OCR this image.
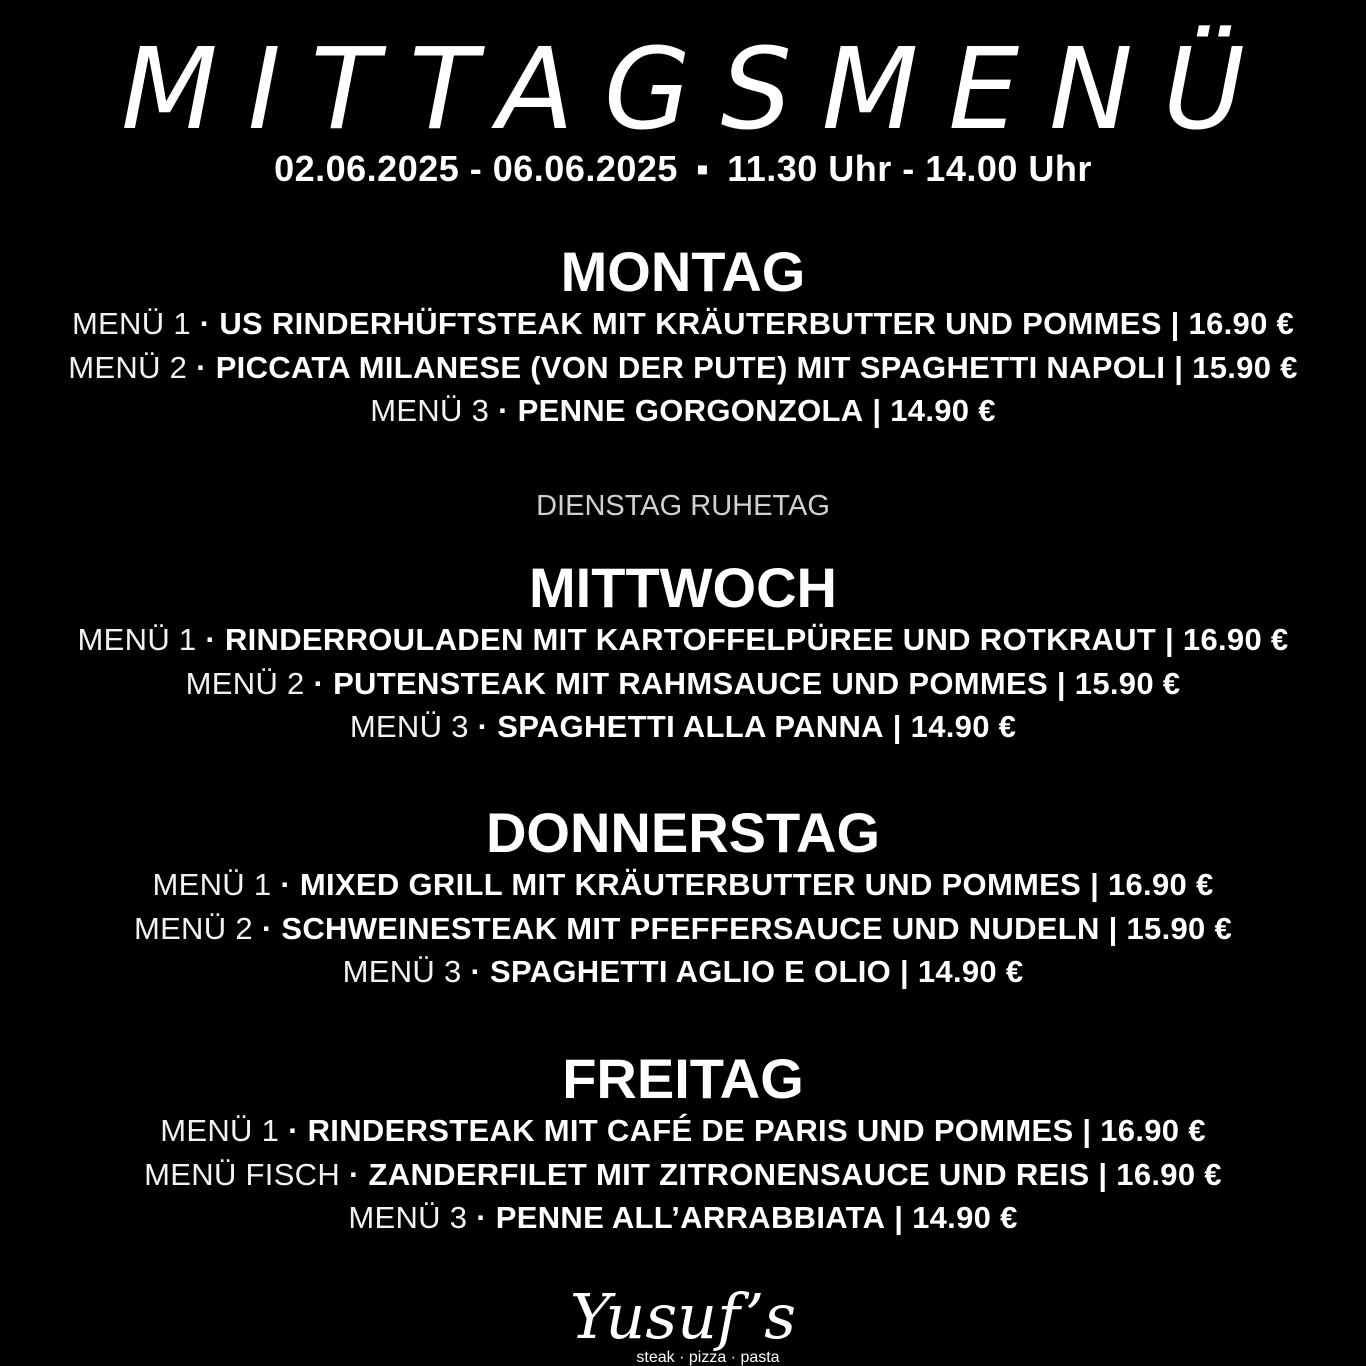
MITTAGSMENÜ
02.06.2025 - 06.06.2025 ▪ 11.30 Uhr - 14.00 Uhr
MONTAG
MENÜ 1 · US RINDERHÜFTSTEAK MIT KRÄUTERBUTTER UND POMMES | 16.90 €
MENÜ 2 · PICCATA MILANESE (VON DER PUTE) MIT SPAGHETTI NAPOLI | 15.90 €
MENÜ 3 · PENNE GORGONZOLA | 14.90 €
DIENSTAG RUHETAG
MITTWOCH
MENÜ 1 · RINDERROULADEN MIT KARTOFFELPÜREE UND ROTKRAUT | 16.90 €
MENÜ 2 · PUTENSTEAK MIT RAHMSAUCE UND POMMES | 15.90 €
MENÜ 3 · SPAGHETTI ALLA PANNA | 14.90 €
DONNERSTAG
MENÜ 1 · MIXED GRILL MIT KRÄUTERBUTTER UND POMMES | 16.90 €
MENÜ 2 · SCHWEINESTEAK MIT PFEFFERSAUCE UND NUDELN | 15.90 €
MENÜ 3 · SPAGHETTI AGLIO E OLIO | 14.90 €
FREITAG
MENÜ 1 · RINDERSTEAK MIT CAFÉ DE PARIS UND POMMES | 16.90 €
MENÜ FISCH · ZANDERFILET MIT ZITRONENSAUCE UND REIS | 16.90 €
MENÜ 3 · PENNE ALL’ARRABBIATA | 14.90 €
Yusuf’s
steak · pizza · pasta
